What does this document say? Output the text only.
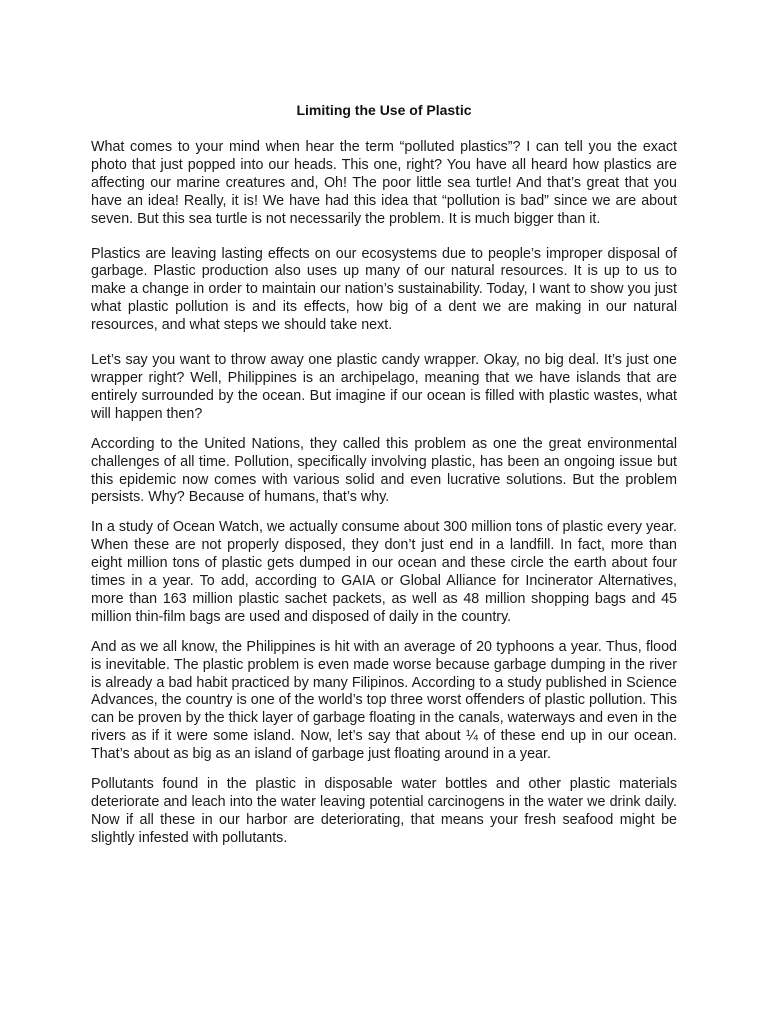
Limiting the Use of Plastic

What comes to your mind when hear the term “polluted plastics”? I can tell you the exact photo that just popped into our heads. This one, right? You have all heard how plastics are affecting our marine creatures and, Oh! The poor little sea turtle! And that’s great that you have an idea! Really, it is! We have had this idea that “pollution is bad” since we are about seven. But this sea turtle is not necessarily the problem. It is much bigger than it.

Plastics are leaving lasting effects on our ecosystems due to people’s improper disposal of garbage. Plastic production also uses up many of our natural resources. It is up to us to make a change in order to maintain our nation’s sustainability. Today, I want to show you just what plastic pollution is and its effects, how big of a dent we are making in our natural resources, and what steps we should take next.

Let’s say you want to throw away one plastic candy wrapper. Okay, no big deal. It’s just one wrapper right? Well, Philippines is an archipelago, meaning that we have islands that are entirely surrounded by the ocean. But imagine if our ocean is filled with plastic wastes, what will happen then?

According to the United Nations, they called this problem as one the great environmental challenges of all time. Pollution, specifically involving plastic, has been an ongoing issue but this epidemic now comes with various solid and even lucrative solutions. But the problem persists. Why? Because of humans, that’s why.

In a study of Ocean Watch, we actually consume about 300 million tons of plastic every year. When these are not properly disposed, they don’t just end in a landfill. In fact, more than eight million tons of plastic gets dumped in our ocean and these circle the earth about four times in a year. To add, according to GAIA or Global Alliance for Incinerator Alternatives, more than 163 million plastic sachet packets, as well as 48 million shopping bags and 45 million thin-film bags are used and disposed of daily in the country.

And as we all know, the Philippines is hit with an average of 20 typhoons a year. Thus, flood is inevitable. The plastic problem is even made worse because garbage dumping in the river is already a bad habit practiced by many Filipinos. According to a study published in Science Advances, the country is one of the world’s top three worst offenders of plastic pollution. This can be proven by the thick layer of garbage floating in the canals, waterways and even in the rivers as if it were some island. Now, let’s say that about ¼ of these end up in our ocean. That’s about as big as an island of garbage just floating around in a year.

Pollutants found in the plastic in disposable water bottles and other plastic materials deteriorate and leach into the water leaving potential carcinogens in the water we drink daily. Now if all these in our harbor are deteriorating, that means your fresh seafood might be slightly infested with pollutants.
